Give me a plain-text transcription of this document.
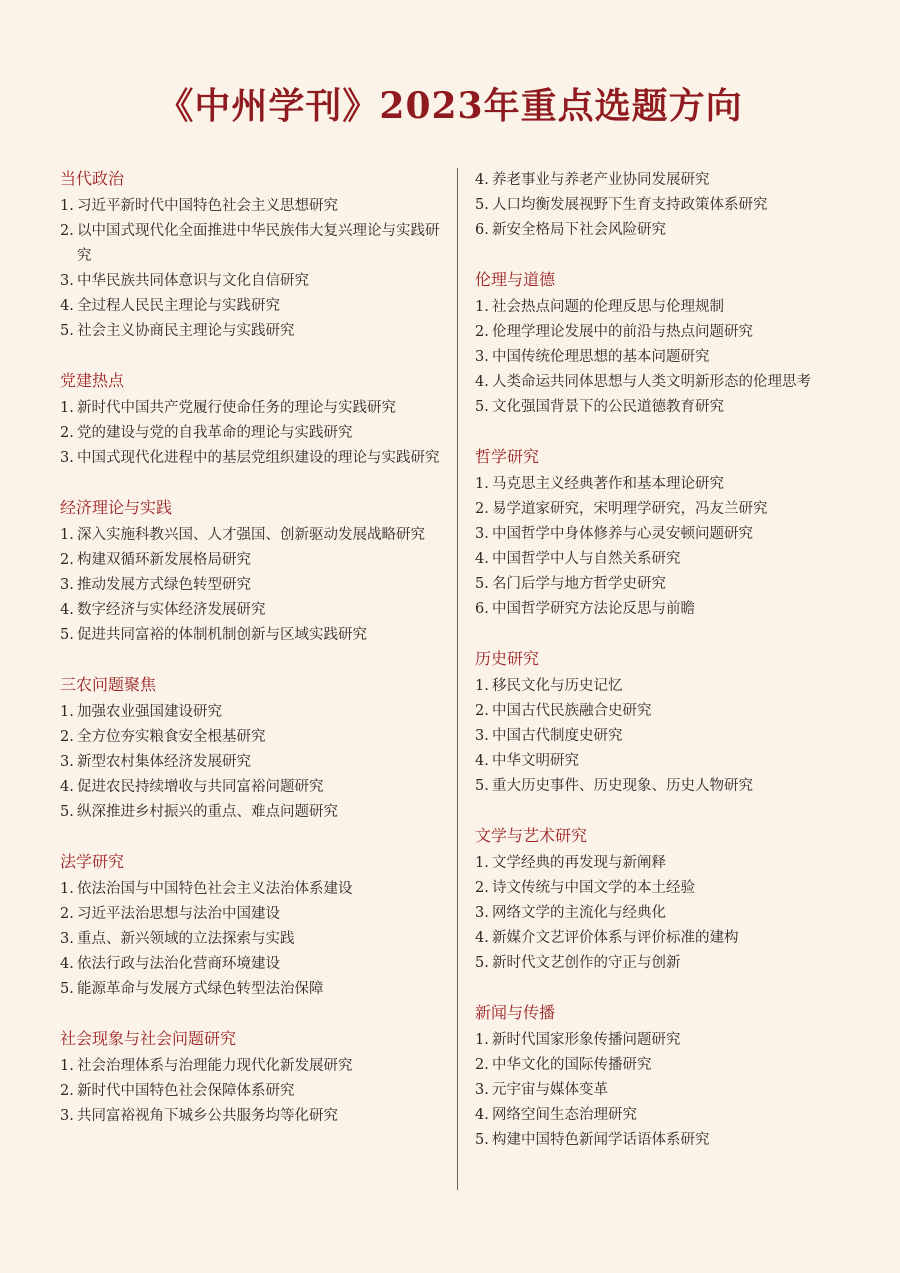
《中州学刊》2023年重点选题方向
当代政治
1. 习近平新时代中国特色社会主义思想研究
2. 以中国式现代化全面推进中华民族伟大复兴理论与实践研究
3. 中华民族共同体意识与文化自信研究
4. 全过程人民民主理论与实践研究
5. 社会主义协商民主理论与实践研究
党建热点
1. 新时代中国共产党履行使命任务的理论与实践研究
2. 党的建设与党的自我革命的理论与实践研究
3. 中国式现代化进程中的基层党组织建设的理论与实践研究
经济理论与实践
1. 深入实施科教兴国、人才强国、创新驱动发展战略研究
2. 构建双循环新发展格局研究
3. 推动发展方式绿色转型研究
4. 数字经济与实体经济发展研究
5. 促进共同富裕的体制机制创新与区域实践研究
三农问题聚焦
1. 加强农业强国建设研究
2. 全方位夯实粮食安全根基研究
3. 新型农村集体经济发展研究
4. 促进农民持续增收与共同富裕问题研究
5. 纵深推进乡村振兴的重点、难点问题研究
法学研究
1. 依法治国与中国特色社会主义法治体系建设
2. 习近平法治思想与法治中国建设
3. 重点、新兴领域的立法探索与实践
4. 依法行政与法治化营商环境建设
5. 能源革命与发展方式绿色转型法治保障
社会现象与社会问题研究
1. 社会治理体系与治理能力现代化新发展研究
2. 新时代中国特色社会保障体系研究
3. 共同富裕视角下城乡公共服务均等化研究
4. 养老事业与养老产业协同发展研究
5. 人口均衡发展视野下生育支持政策体系研究
6. 新安全格局下社会风险研究
伦理与道德
1. 社会热点问题的伦理反思与伦理规制
2. 伦理学理论发展中的前沿与热点问题研究
3. 中国传统伦理思想的基本问题研究
4. 人类命运共同体思想与人类文明新形态的伦理思考
5. 文化强国背景下的公民道德教育研究
哲学研究
1. 马克思主义经典著作和基本理论研究
2. 易学道家研究，宋明理学研究，冯友兰研究
3. 中国哲学中身体修养与心灵安顿问题研究
4. 中国哲学中人与自然关系研究
5. 名门后学与地方哲学史研究
6. 中国哲学研究方法论反思与前瞻
历史研究
1. 移民文化与历史记忆
2. 中国古代民族融合史研究
3. 中国古代制度史研究
4. 中华文明研究
5. 重大历史事件、历史现象、历史人物研究
文学与艺术研究
1. 文学经典的再发现与新阐释
2. 诗文传统与中国文学的本土经验
3. 网络文学的主流化与经典化
4. 新媒介文艺评价体系与评价标准的建构
5. 新时代文艺创作的守正与创新
新闻与传播
1. 新时代国家形象传播问题研究
2. 中华文化的国际传播研究
3. 元宇宙与媒体变革
4. 网络空间生态治理研究
5. 构建中国特色新闻学话语体系研究
